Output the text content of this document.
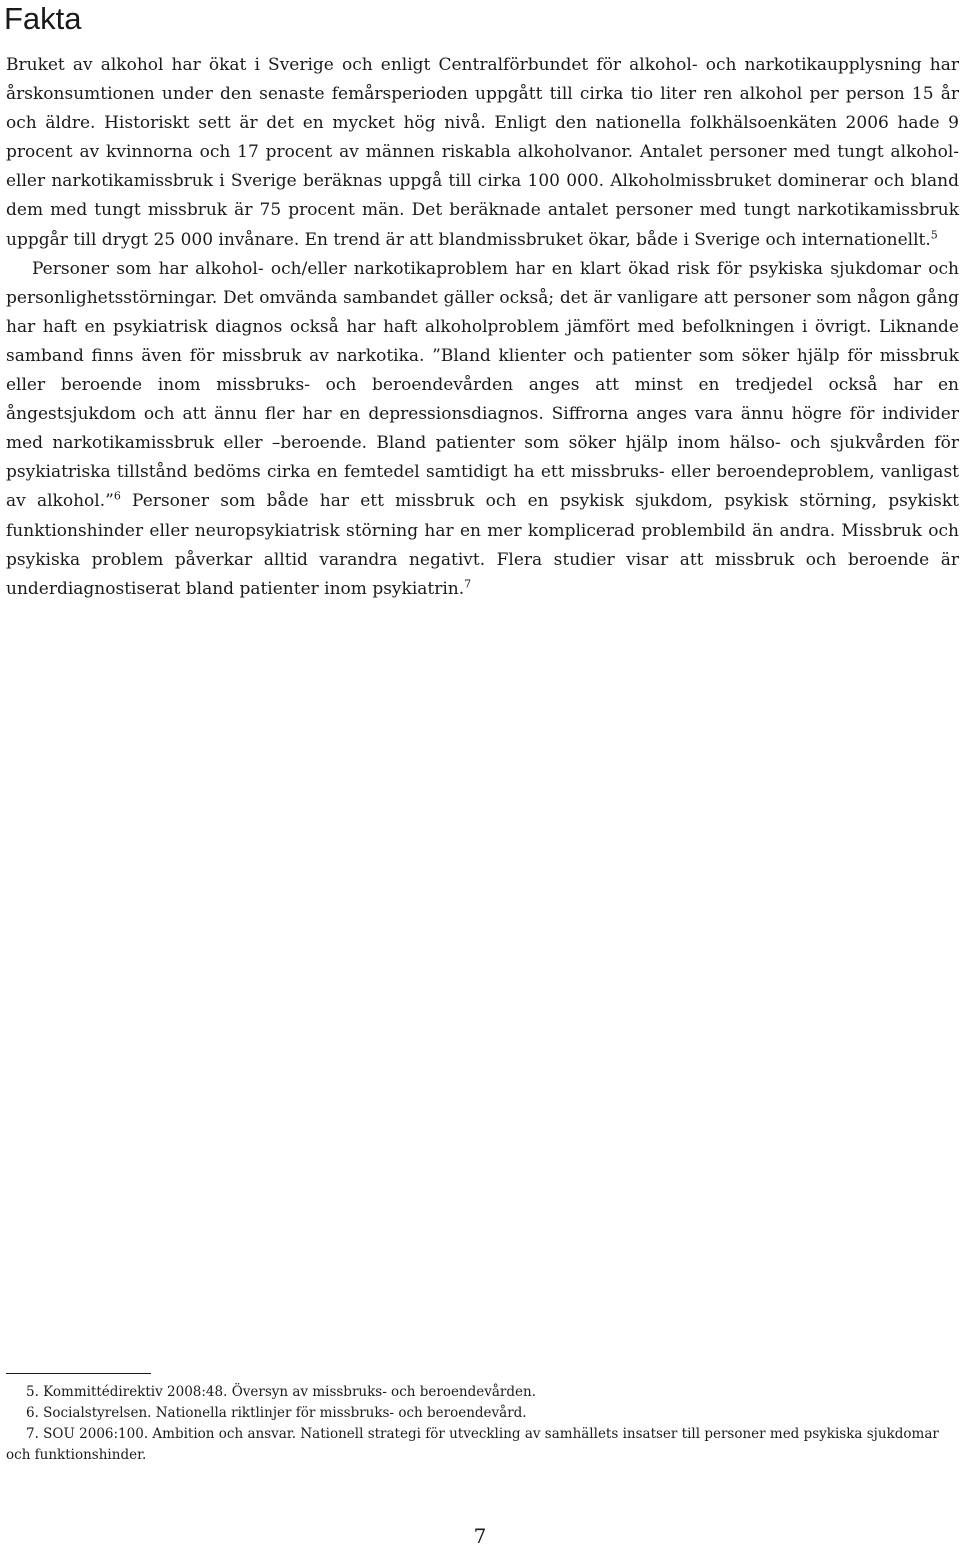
Fakta

Bruket av alkohol har ökat i Sverige och enligt Centralförbundet för alkohol- och narkotikaupplysning har årskonsumtionen under den senaste femårsperioden uppgått till cirka tio liter ren alkohol per person 15 år och äldre. Historiskt sett är det en mycket hög nivå. Enligt den nationella folkhälsoenkäten 2006 hade 9 procent av kvinnorna och 17 procent av männen riskabla alkoholvanor. Antalet personer med tungt alkohol- eller narkotikamissbruk i Sverige beräknas uppgå till cirka 100 000. Alkoholmissbruket dominerar och bland dem med tungt missbruk är 75 procent män. Det beräknade antalet personer med tungt narkotikamissbruk uppgår till drygt 25 000 invånare. En trend är att blandmissbruket ökar, både i Sverige och internationellt.$^5$

Personer som har alkohol- och/eller narkotikaproblem har en klart ökad risk för psykiska sjukdomar och personlighetsstörningar. Det omvända sambandet gäller också; det är vanligare att personer som någon gång har haft en psykiatrisk diagnos också har haft alkoholproblem jämfört med befolkningen i övrigt. Liknande samband finns även för missbruk av narkotika. ”Bland klienter och patienter som söker hjälp för missbruk eller beroende inom missbruks- och beroendevården anges att minst en tredjedel också har en ångestsjukdom och att ännu fler har en depressionsdiagnos. Siffrorna anges vara ännu högre för individer med narkotikamissbruk eller –beroende. Bland patienter som söker hjälp inom hälso- och sjukvården för psykiatriska tillstånd bedöms cirka en femtedel samtidigt ha ett missbruks- eller beroendeproblem, vanligast av alkohol.”$^6$ Personer som både har ett missbruk och en psykisk sjukdom, psykisk störning, psykiskt funktionshinder eller neuropsykiatrisk störning har en mer komplicerad problembild än andra. Missbruk och psykiska problem påverkar alltid varandra negativt. Flera studier visar att missbruk och beroende är underdiagnostiserat bland patienter inom psykiatrin.$^7$

5. Kommittédirektiv 2008:48. Översyn av missbruks- och beroendevården.

6. Socialstyrelsen. Nationella riktlinjer för missbruks- och beroendevård.

7. SOU 2006:100. Ambition och ansvar. Nationell strategi för utveckling av samhällets insatser till personer med psykiska sjukdomar och funktionshinder.

7
